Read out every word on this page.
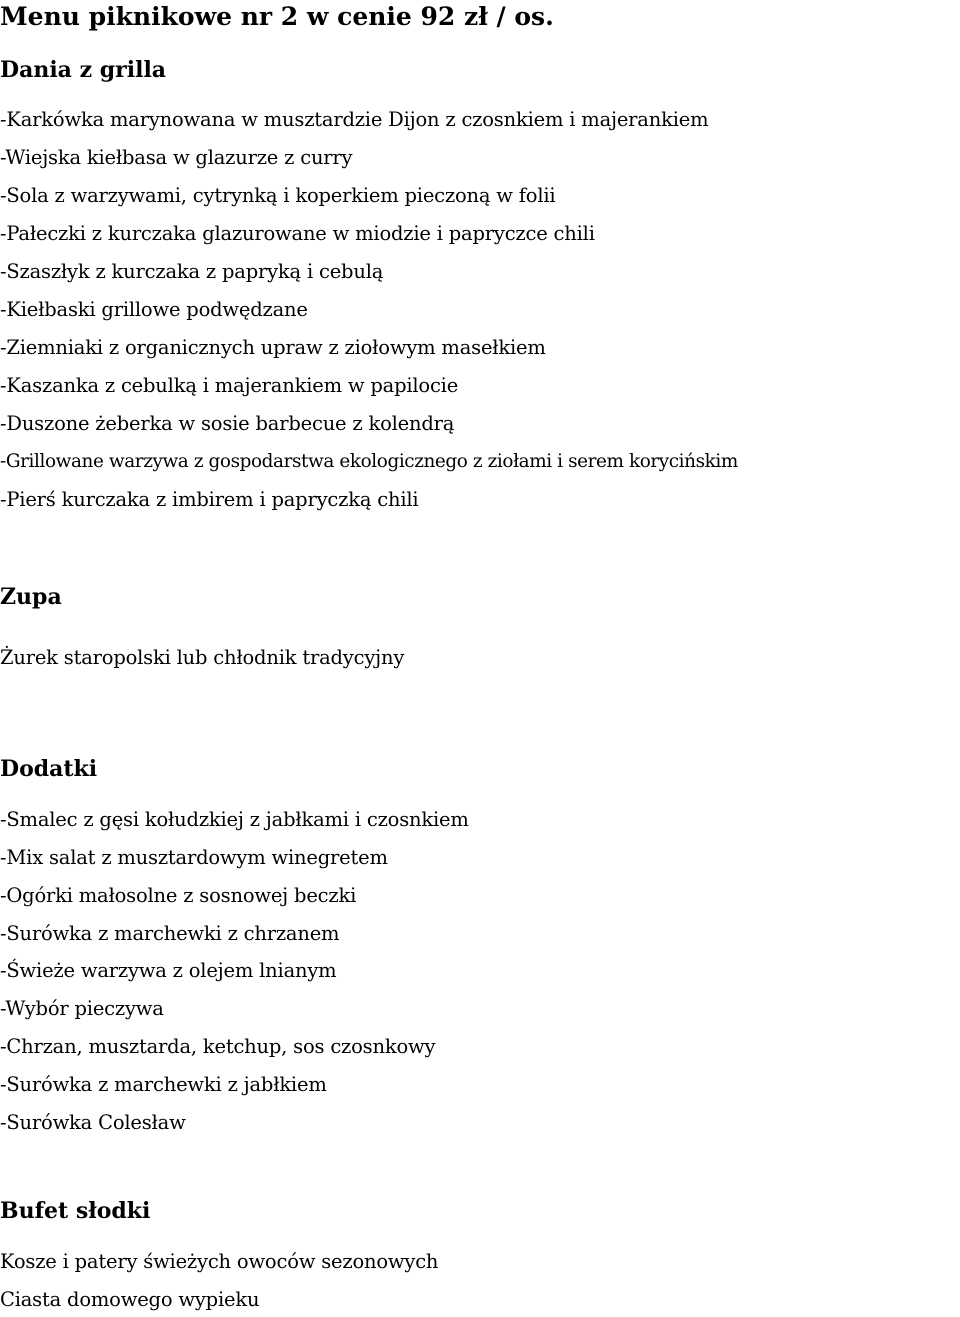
Menu piknikowe nr 2 w cenie 92 zł / os.
Dania z grilla

-Karkówka marynowana w musztardzie Dijon z czosnkiem i majerankiem

-Wiejska kiełbasa w glazurze z curry

-Sola z warzywami, cytrynką i koperkiem pieczoną w folii

-Pałeczki z kurczaka glazurowane w miodzie i papryczce chili

-Szaszłyk z kurczaka z papryką i cebulą

-Kiełbaski grillowe podwędzane

-Ziemniaki z organicznych upraw z ziołowym masełkiem

-Kaszanka z cebulką i majerankiem w papilocie

-Duszone żeberka w sosie barbecue z kolendrą

-Grillowane warzywa z gospodarstwa ekologicznego z ziołami i serem korycińskim

-Pierś kurczaka z imbirem i papryczką chili

Zupa

Żurek staropolski lub chłodnik tradycyjny

Dodatki

-Smalec z gęsi kołudzkiej z jabłkami i czosnkiem

-Mix salat z musztardowym winegretem

-Ogórki małosolne z sosnowej beczki

-Surówka z marchewki z chrzanem

-Świeże warzywa z olejem lnianym

-Wybór pieczywa

-Chrzan, musztarda, ketchup, sos czosnkowy

-Surówka z marchewki z jabłkiem

-Surówka Colesław

Bufet słodki

Kosze i patery świeżych owoców sezonowych

Ciasta domowego wypieku
